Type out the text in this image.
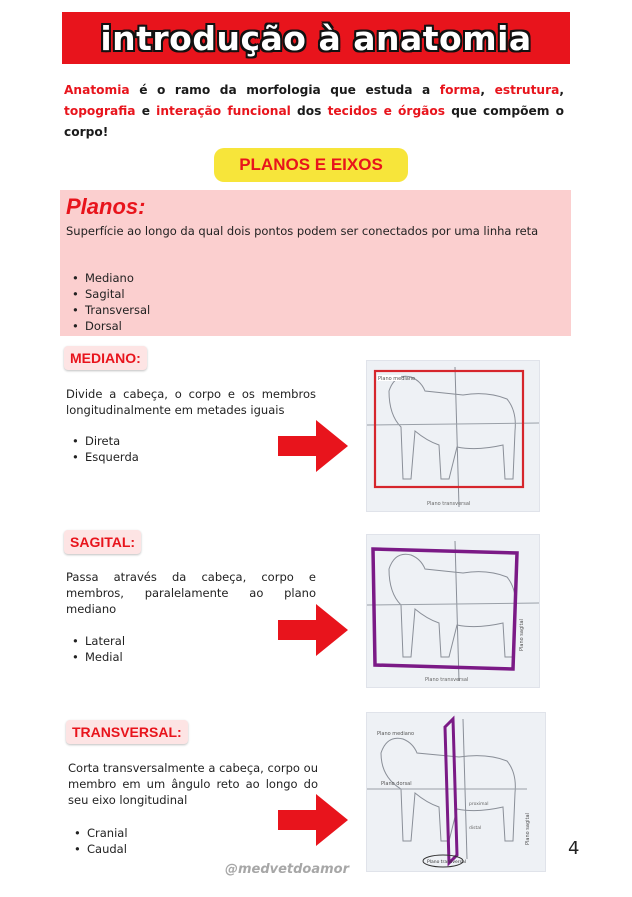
introdução à anatomia
Anatomia é o ramo da morfologia que estuda a forma, estrutura, topografia e interação funcional dos tecidos e órgãos que compõem o corpo!
PLANOS E EIXOS
Planos:
Superfície ao longo da qual dois pontos podem ser conectados por uma linha reta
• Mediano
• Sagital
• Transversal
• Dorsal
MEDIANO:
Divide a cabeça, o corpo e os membros longitudinalmente em metades iguais
• Direta
• Esquerda
Plano mediano
Plano transversal
SAGITAL:
Passa através da cabeça, corpo e membros, paralelamente ao plano mediano
• Lateral
• Medial
Plano sagital
Plano transversal
TRANSVERSAL:
Corta transversalmente a cabeça, corpo ou membro em um ângulo reto ao longo do seu eixo longitudinal
• Cranial
• Caudal
Plano mediano
Plano dorsal
proximal
distal	Plano sagital
Plano transversal
4
@medvetdoamor
